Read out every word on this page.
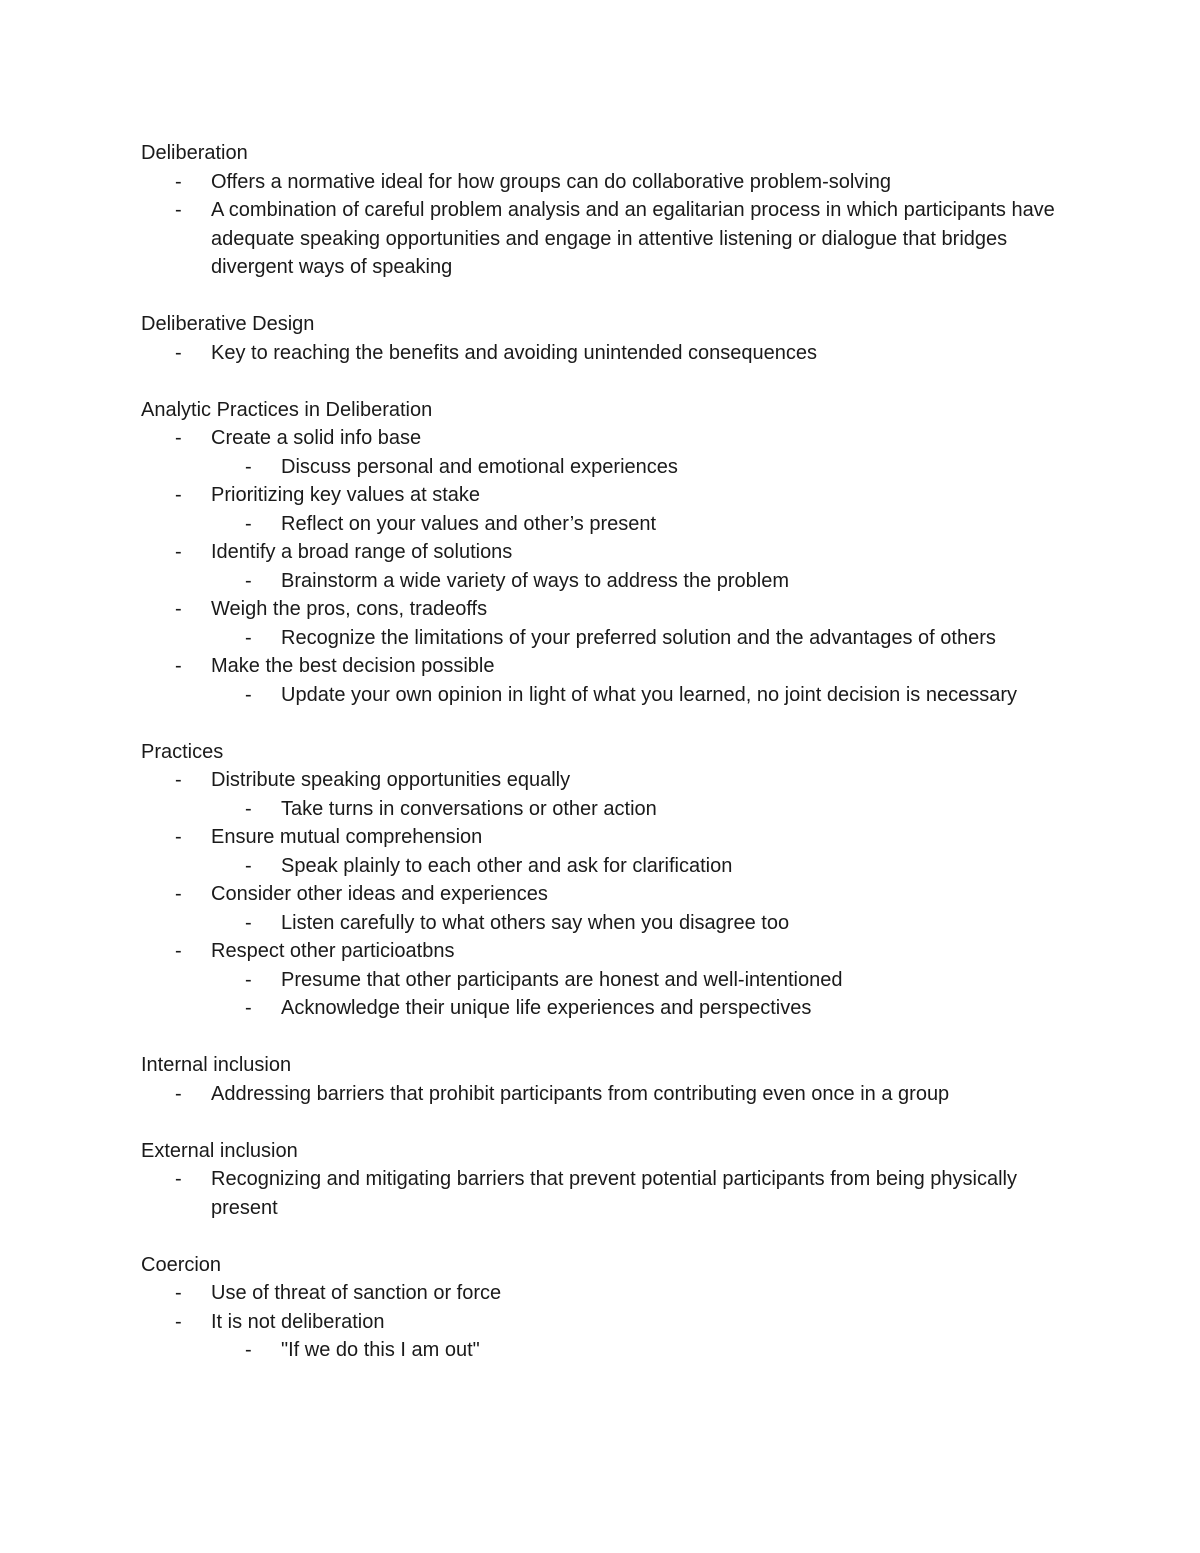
Deliberation
-	Offers a normative ideal for how groups can do collaborative problem-solving
-	A combination of careful problem analysis and an egalitarian process in which participants have adequate speaking opportunities and engage in attentive listening or dialogue that bridges divergent ways of speaking
Deliberative Design
-	Key to reaching the benefits and avoiding unintended consequences
Analytic Practices in Deliberation
-	Create a solid info base
-	Discuss personal and emotional experiences
-	Prioritizing key values at stake
-	Reflect on your values and other’s present
-	Identify a broad range of solutions
-	Brainstorm a wide variety of ways to address the problem
-	Weigh the pros, cons, tradeoffs
-	Recognize the limitations of your preferred solution and the advantages of others
-	Make the best decision possible
-	Update your own opinion in light of what you learned, no joint decision is necessary
Practices
-	Distribute speaking opportunities equally
-	Take turns in conversations or other action
-	Ensure mutual comprehension
-	Speak plainly to each other and ask for clarification
-	Consider other ideas and experiences
-	Listen carefully to what others say when you disagree too
-	Respect other particioatbns
-	Presume that other participants are honest and well-intentioned
-	Acknowledge their unique life experiences and perspectives
Internal inclusion
-	Addressing barriers that prohibit participants from contributing even once in a group
External inclusion
-	Recognizing and mitigating barriers that prevent potential participants from being physically present
Coercion
-	Use of threat of sanction or force
-	It is not deliberation
-	"If we do this I am out"
